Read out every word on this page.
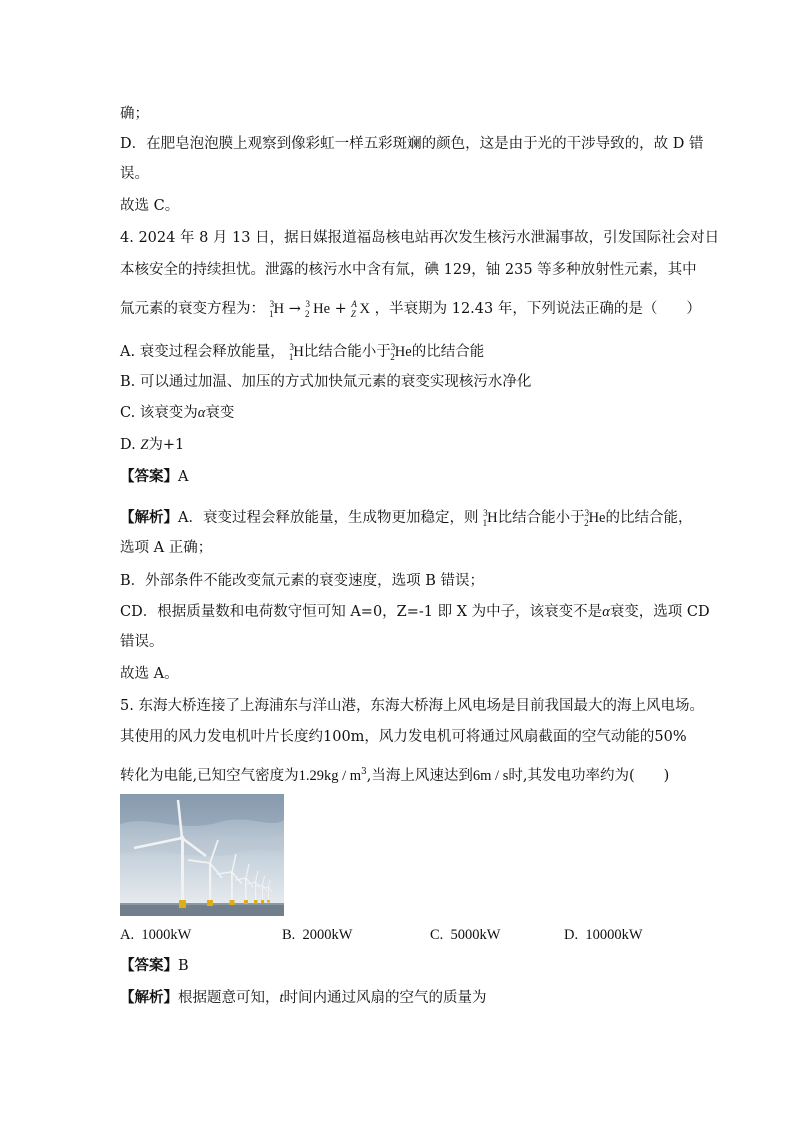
确；
D．在肥皂泡泡膜上观察到像彩虹一样五彩斑斓的颜色，这是由于光的干涉导致的，故 D 错
误。
故选 C。
4. 2024 年 8 月 13 日，据日媒报道福岛核电站再次发生核污水泄漏事故，引发国际社会对日
本核安全的持续担忧。泄露的核污水中含有氚，碘 129，铀 235 等多种放射性元素，其中
氚元素的衰变方程为： $^3_1$H → $^3_2$ He + $^A_Z$ X ，半衰期为 12.43 年，下列说法正确的是（　　）
A. 衰变过程会释放能量， $^3_1$H比结合能小于$^3_2$He的比结合能
B. 可以通过加温、加压的方式加快氚元素的衰变实现核污水净化
C. 该衰变为α衰变
D. Z为+1
【答案】A
【解析】A．衰变过程会释放能量，生成物更加稳定，则 $^3_1$H比结合能小于$^3_2$He的比结合能，
选项 A 正确；
B．外部条件不能改变氚元素的衰变速度，选项 B 错误；
CD．根据质量数和电荷数守恒可知 A=0，Z=-1 即 X 为中子，该衰变不是α衰变，选项 CD
错误。
故选 A。
5. 东海大桥连接了上海浦东与洋山港，东海大桥海上风电场是目前我国最大的海上风电场。
其使用的风力发电机叶片长度约100m，风力发电机可将通过风扇截面的空气动能的50%
转化为电能,已知空气密度为$1.29kg / m^3$,当海上风速达到6m / s时,其发电功率约为(　　)
A. 1000kW	B. 2000kW	C. 5000kW	D. 10000kW
【答案】B
【解析】根据题意可知，t时间内通过风扇的空气的质量为
